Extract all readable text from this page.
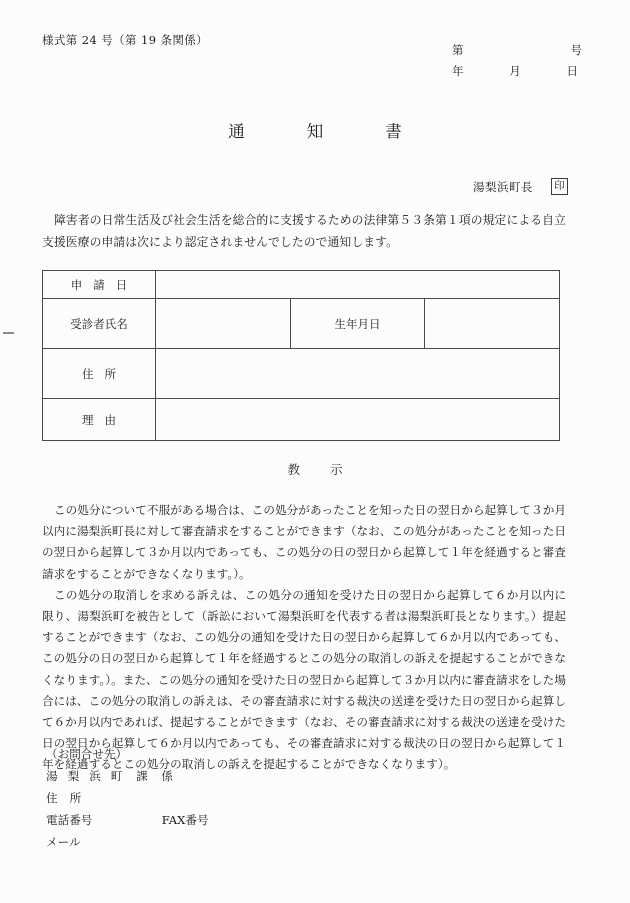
様式第 24 号（第 19 条関係）
第	号
年	月	日
通知書
湯梨浜町長	印
障害者の日常生活及び社会生活を総合的に支援するための法律第５３条第１項の規定による自立支援医療の申請は次により認定されませんでしたので通知します。
申請日			
受診者氏名		生年月日	
住所			
理由			
教示

この処分について不服がある場合は、この処分があったことを知った日の翌日から起算して３か月以内に湯梨浜町長に対して審査請求をすることができます（なお、この処分があったことを知った日の翌日から起算して３か月以内であっても、この処分の日の翌日から起算して１年を経過すると審査請求をすることができなくなります。）。

この処分の取消しを求める訴えは、この処分の通知を受けた日の翌日から起算して６か月以内に限り、湯梨浜町を被告として（訴訟において湯梨浜町を代表する者は湯梨浜町長となります。）提起することができます（なお、この処分の通知を受けた日の翌日から起算して６か月以内であっても、この処分の日の翌日から起算して１年を経過するとこの処分の取消しの訴えを提起することができなくなります。）。また、この処分の通知を受けた日の翌日から起算して３か月以内に審査請求をした場合には、この処分の取消しの訴えは、その審査請求に対する裁決の送達を受けた日の翌日から起算して６か月以内であれば、提起することができます（なお、その審査請求に対する裁決の送達を受けた日の翌日から起算して６か月以内であっても、その審査請求に対する裁決の日の翌日から起算して１年を経過するとこの処分の取消しの訴えを提起することができなくなります）。

（お問合せ先）
湯梨浜町 課 係
住所
電話番号	FAX番号
メール
